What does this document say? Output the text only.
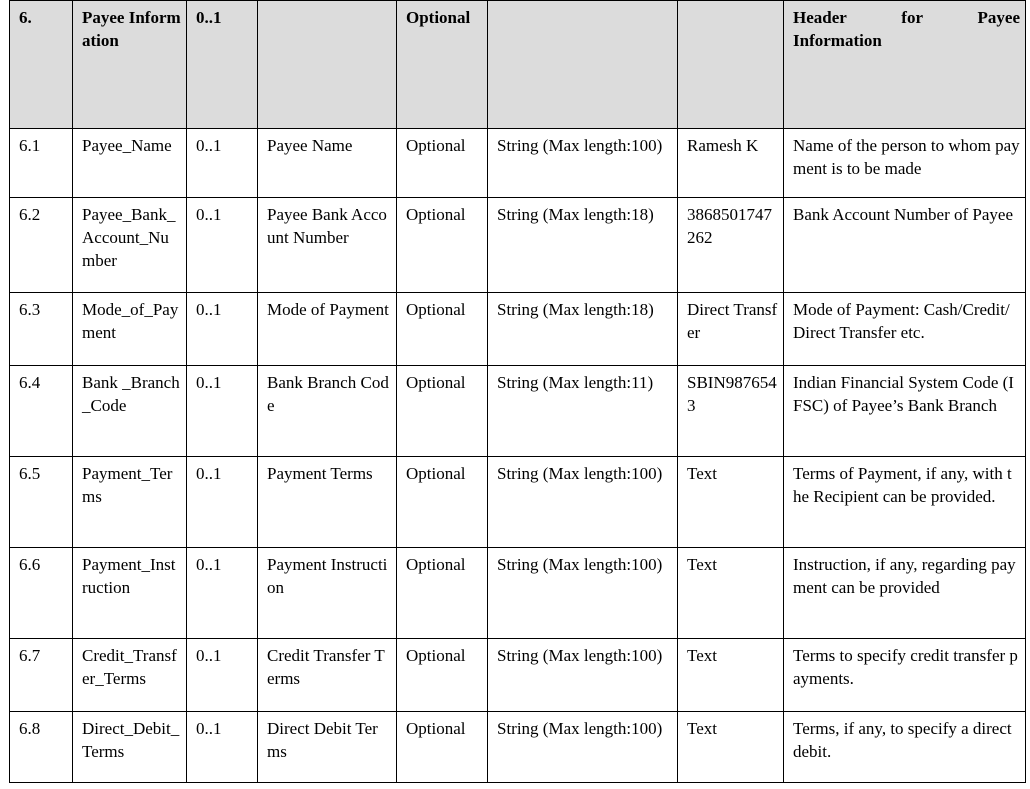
6.	Payee Information	0..1		Optional			Header for Payee
Information

6.1	Payee_Name	0..1	Payee Name	Optional	String (Max length:100)	Ramesh K	Name of the person to whom payment is to be made
6.2	Payee_Bank_Account_Number	0..1	Payee Bank Account Number	Optional	String (Max length:18)	3868501747262	Bank Account Number of Payee
6.3	Mode_of_Payment	0..1	Mode of Payment	Optional	String (Max length:18)	Direct Transfer	Mode of Payment: Cash/Credit/Direct Transfer etc.
6.4	Bank _Branch_Code	0..1	Bank Branch Code	Optional	String (Max length:11)	SBIN9876543	Indian Financial System Code (IFSC) of Payee’s Bank Branch
6.5	Payment_Terms	0..1	Payment Terms	Optional	String (Max length:100)	Text	Terms of Payment, if any, with the Recipient can be provided.
6.6	Payment_Instruction	0..1	Payment Instruction	Optional	String (Max length:100)	Text	Instruction, if any, regarding payment can be provided
6.7	Credit_Transfer_Terms	0..1	Credit Transfer Terms	Optional	String (Max length:100)	Text	Terms to specify credit transfer payments.
6.8	Direct_Debit_Terms	0..1	Direct Debit Terms	Optional	String (Max length:100)	Text	Terms, if any, to specify a direct debit.
